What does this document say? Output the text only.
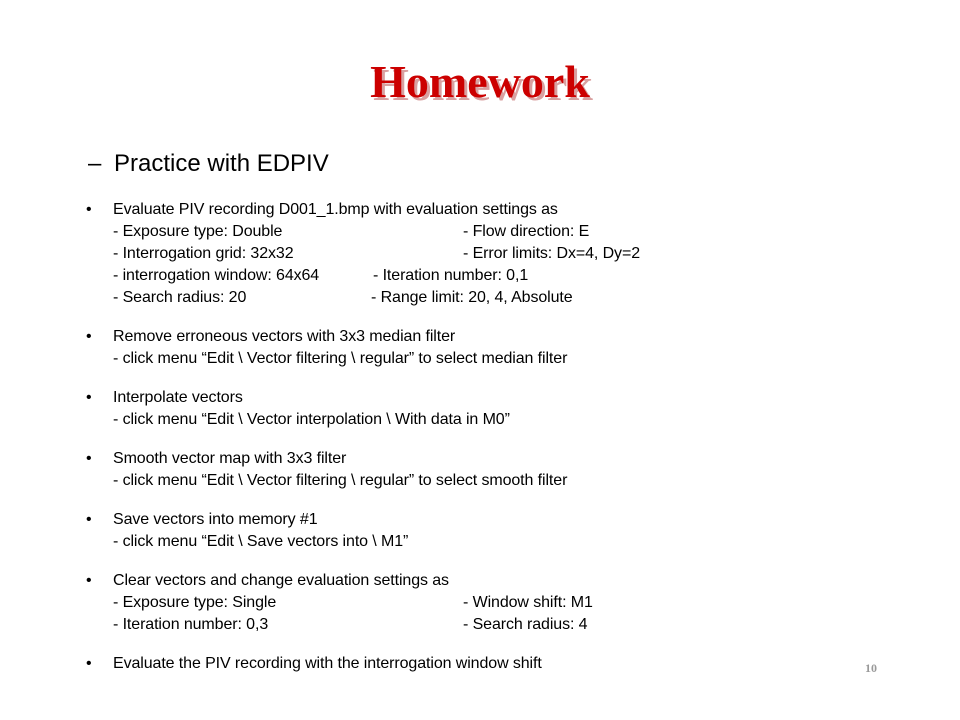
Homework
– Practice with EDPIV
• Evaluate PIV recording D001_1.bmp with evaluation settings as
- Exposure type: Double	- Flow direction: E
- Interrogation grid: 32x32	- Error limits: Dx=4, Dy=2
- interrogation window: 64x64	- Iteration number: 0,1
- Search radius: 20	- Range limit: 20, 4, Absolute
• Remove erroneous vectors with 3x3 median filter
- click menu “Edit \ Vector filtering \ regular” to select median filter
• Interpolate vectors
- click menu “Edit \ Vector interpolation \ With data in M0”
• Smooth vector map with 3x3 filter
- click menu “Edit \ Vector filtering \ regular” to select smooth filter
• Save vectors into memory #1
- click menu “Edit \ Save vectors into \ M1”
• Clear vectors and change evaluation settings as
- Exposure type: Single	- Window shift: M1
- Iteration number: 0,3	- Search radius: 4
• Evaluate the PIV recording with the interrogation window shift	10
